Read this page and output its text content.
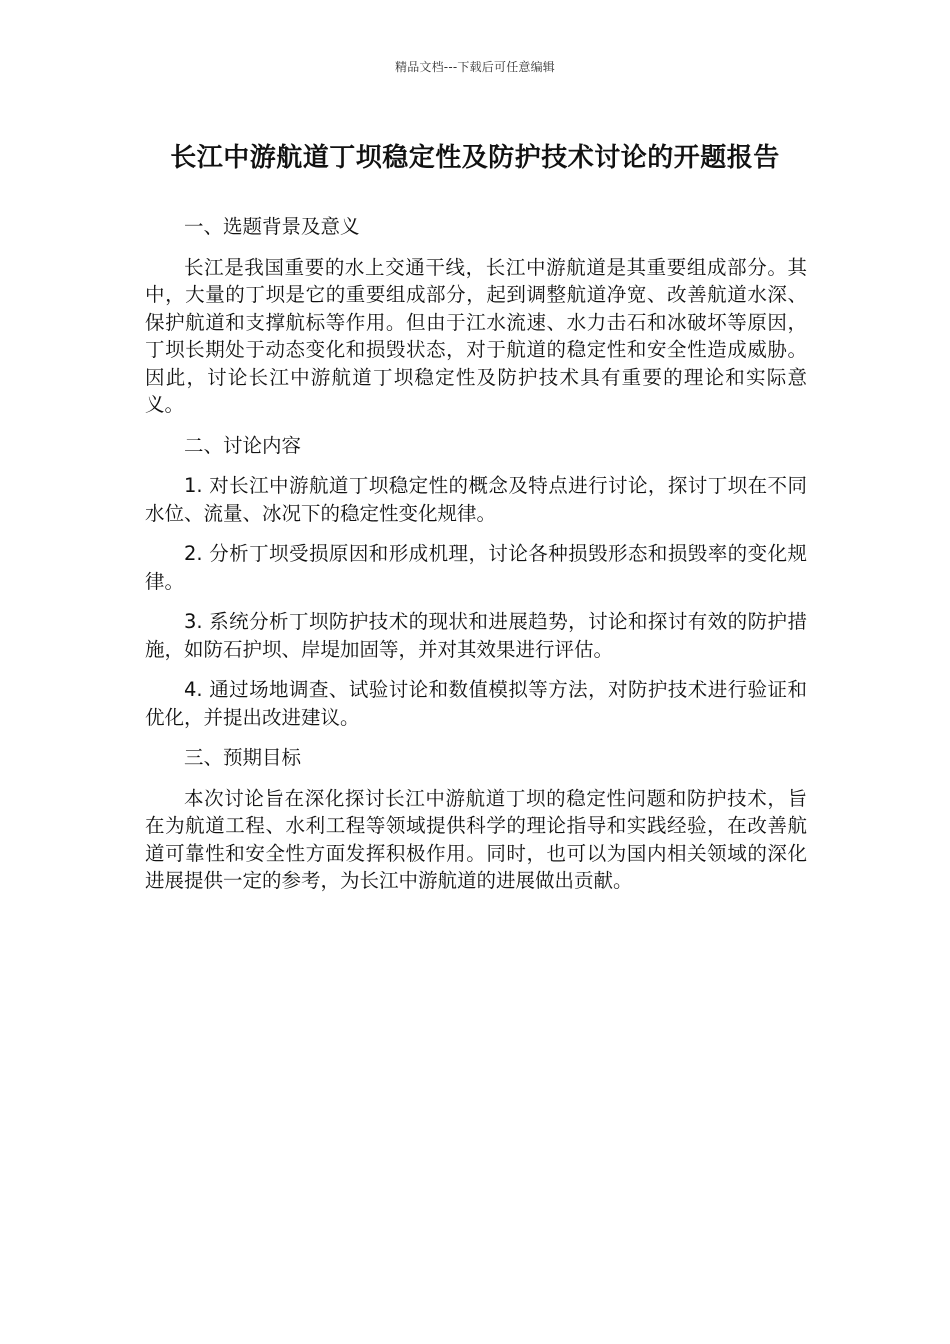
精品文档---下载后可任意编辑
长江中游航道丁坝稳定性及防护技术讨论的开题报告

一、选题背景及意义

长江是我国重要的水上交通干线，长江中游航道是其重要组成部分。其中，大量的丁坝是它的重要组成部分，起到调整航道净宽、改善航道水深、保护航道和支撑航标等作用。但由于江水流速、水力击石和冰破坏等原因，丁坝长期处于动态变化和损毁状态，对于航道的稳定性和安全性造成威胁。因此，讨论长江中游航道丁坝稳定性及防护技术具有重要的理论和实际意义。

二、讨论内容

1. 对长江中游航道丁坝稳定性的概念及特点进行讨论，探讨丁坝在不同水位、流量、冰况下的稳定性变化规律。

2. 分析丁坝受损原因和形成机理，讨论各种损毁形态和损毁率的变化规律。

3. 系统分析丁坝防护技术的现状和进展趋势，讨论和探讨有效的防护措施，如防石护坝、岸堤加固等，并对其效果进行评估。

4. 通过场地调查、试验讨论和数值模拟等方法，对防护技术进行验证和优化，并提出改进建议。

三、预期目标

本次讨论旨在深化探讨长江中游航道丁坝的稳定性问题和防护技术，旨在为航道工程、水利工程等领域提供科学的理论指导和实践经验，在改善航道可靠性和安全性方面发挥积极作用。同时，也可以为国内相关领域的深化进展提供一定的参考，为长江中游航道的进展做出贡献。
